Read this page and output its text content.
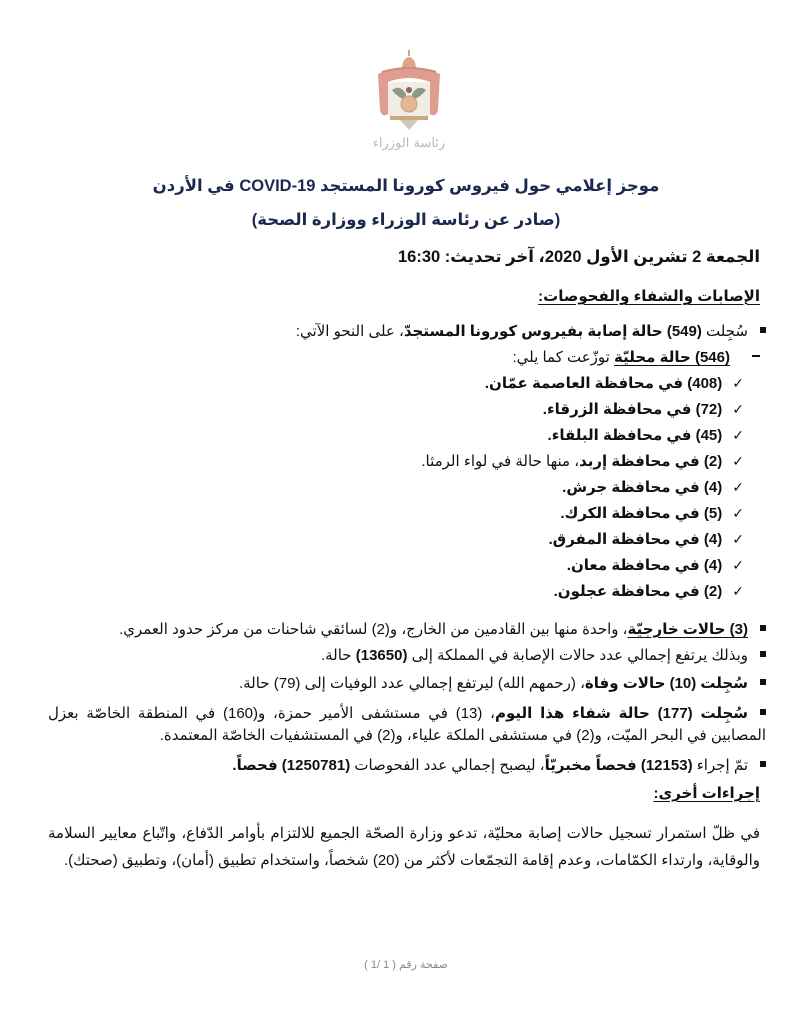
رئاسة الوزراء
موجز إعلامي حول فيروس كورونا المستجد COVID-19 في الأردن
(صادر عن رئاسة الوزراء ووزارة الصحة)
الجمعة 2 تشرين الأول 2020، آخر تحديث: 16:30
الإصابات والشفاء والفحوصات:
سُجِلت (549) حالة إصابة بفيروس كورونا المستجدّ، على النحو الآتي:
(546) حالة محليّة توزّعت كما يلي:
✓(408) في محافظة العاصمة عمّان.
✓(72) في محافظة الزرقاء.
✓(45) في محافظة البلقاء.
✓(2) في محافظة إربد، منها حالة في لواء الرمثا.
✓(4) في محافظة جرش.
✓(5) في محافظة الكرك.
✓(4) في محافظة المفرق.
✓(4) في محافظة معان.
✓(2) في محافظة عجلون.
(3) حالات خارجيّة، واحدة منها بين القادمين من الخارج، و(2) لسائقي شاحنات من مركز حدود العمري.
وبذلك يرتفع إجمالي عدد حالات الإصابة في المملكة إلى (13650) حالة.
سُجِلت (10) حالات وفاة، (رحمهم الله) ليرتفع إجمالي عدد الوفيات إلى (79) حالة.
سُجِلت (177) حالة شفاء هذا اليوم، (13) في مستشفى الأمير حمزة، و(160) في المنطقة الخاصّة بعزل المصابين في البحر الميّت، و(2) في مستشفى الملكة علياء، و(2) في المستشفيات الخاصّة المعتمدة.
تمّ إجراء (12153) فحصاً مخبريّاً، ليصبح إجمالي عدد الفحوصات (1250781) فحصاً.
إجراءات أخرى:
في ظلّ استمرار تسجيل حالات إصابة محليّة، تدعو وزارة الصحّة الجميع للالتزام بأوامر الدّفاع، واتّباع معايير السلامة والوقاية، وارتداء الكمّامات، وعدم إقامة التجمّعات لأكثر من (20) شخصاً، واستخدام تطبيق (أمان)، وتطبيق (صحتك).
صفحة رقم ( 1 /1 )
